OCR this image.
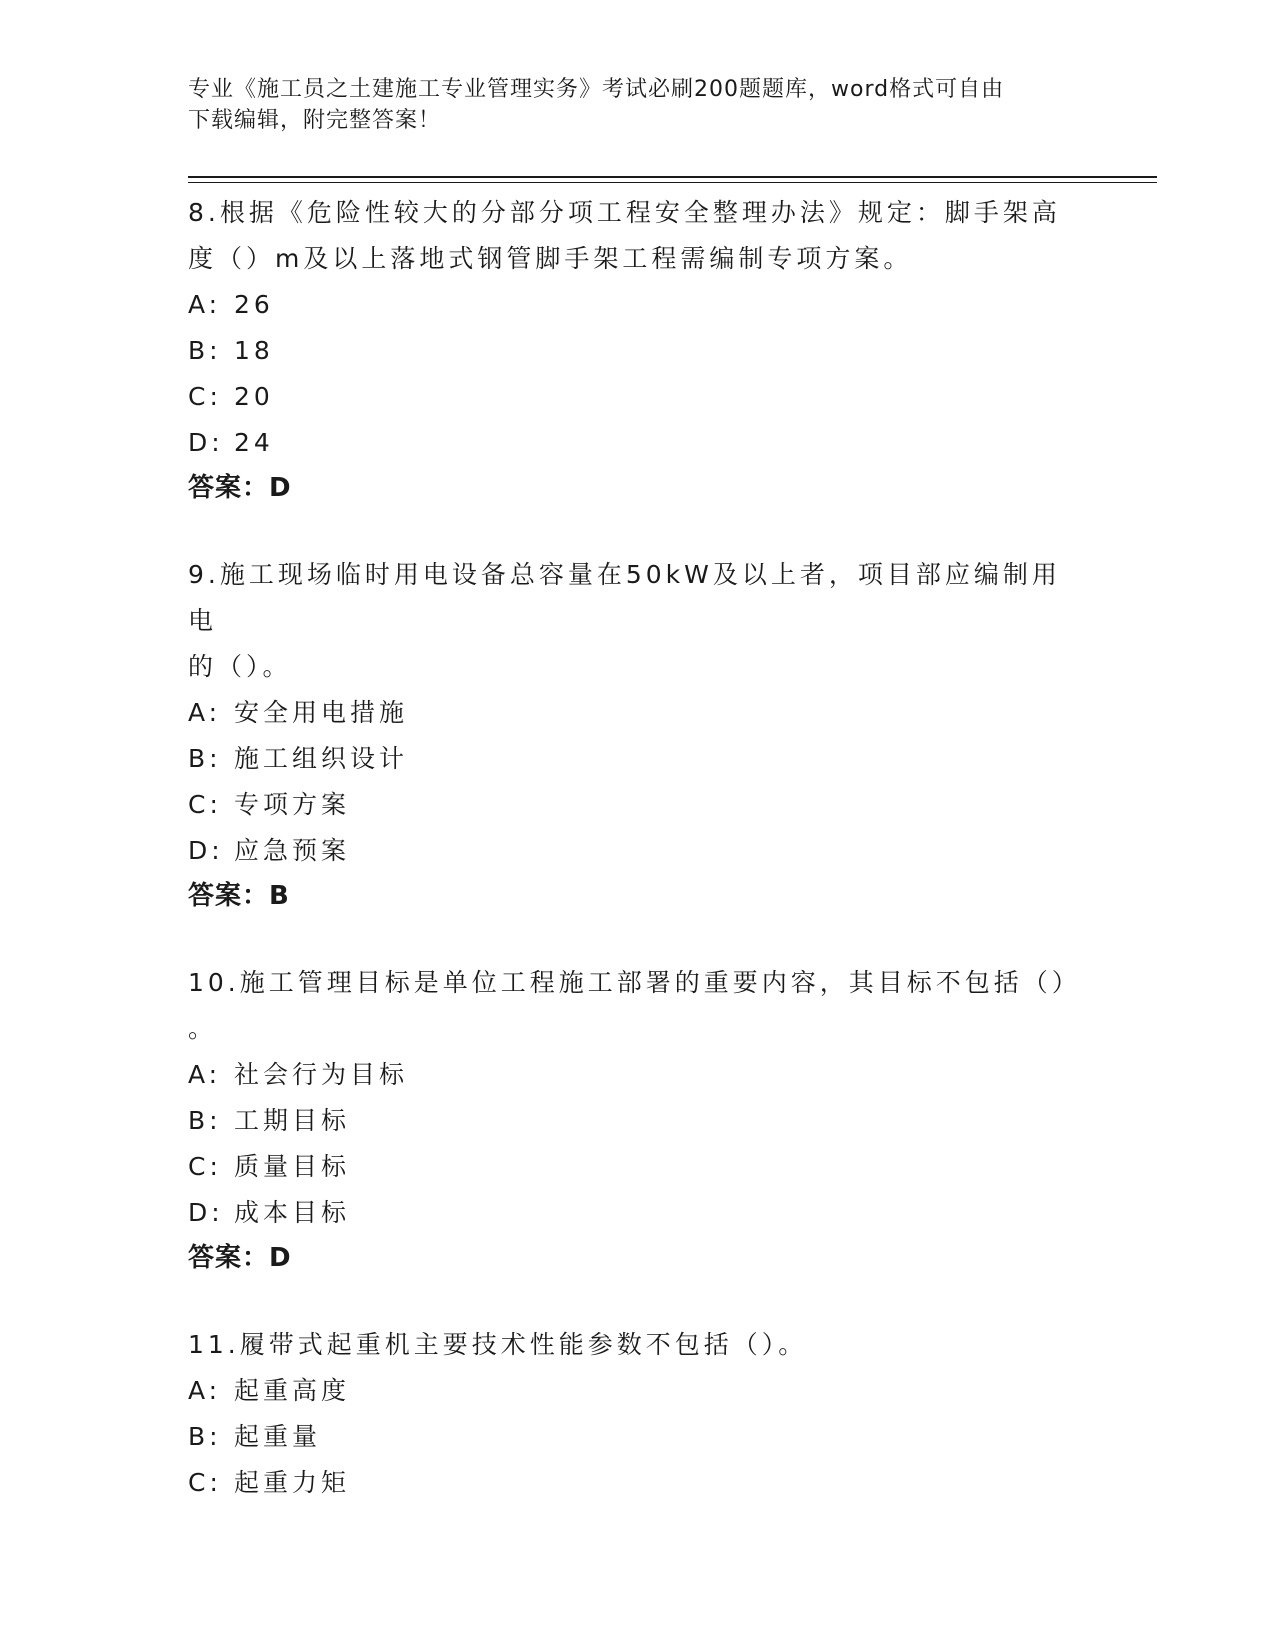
专业《施工员之土建施工专业管理实务》考试必刷200题题库，word格式可自由
下载编辑，附完整答案！
8.根据《危险性较大的分部分项工程安全整理办法》规定：脚手架高
度（）m及以上落地式钢管脚手架工程需编制专项方案。
A: 26
B: 18
C: 20
D: 24
答案：D
9.施工现场临时用电设备总容量在50kW及以上者，项目部应编制用电
的（）。
A: 安全用电措施
B: 施工组织设计
C: 专项方案
D: 应急预案
答案：B
10.施工管理目标是单位工程施工部署的重要内容，其目标不包括（）
。
A: 社会行为目标
B: 工期目标
C: 质量目标
D: 成本目标
答案：D
11.履带式起重机主要技术性能参数不包括（）。
A: 起重高度
B: 起重量
C: 起重力矩
